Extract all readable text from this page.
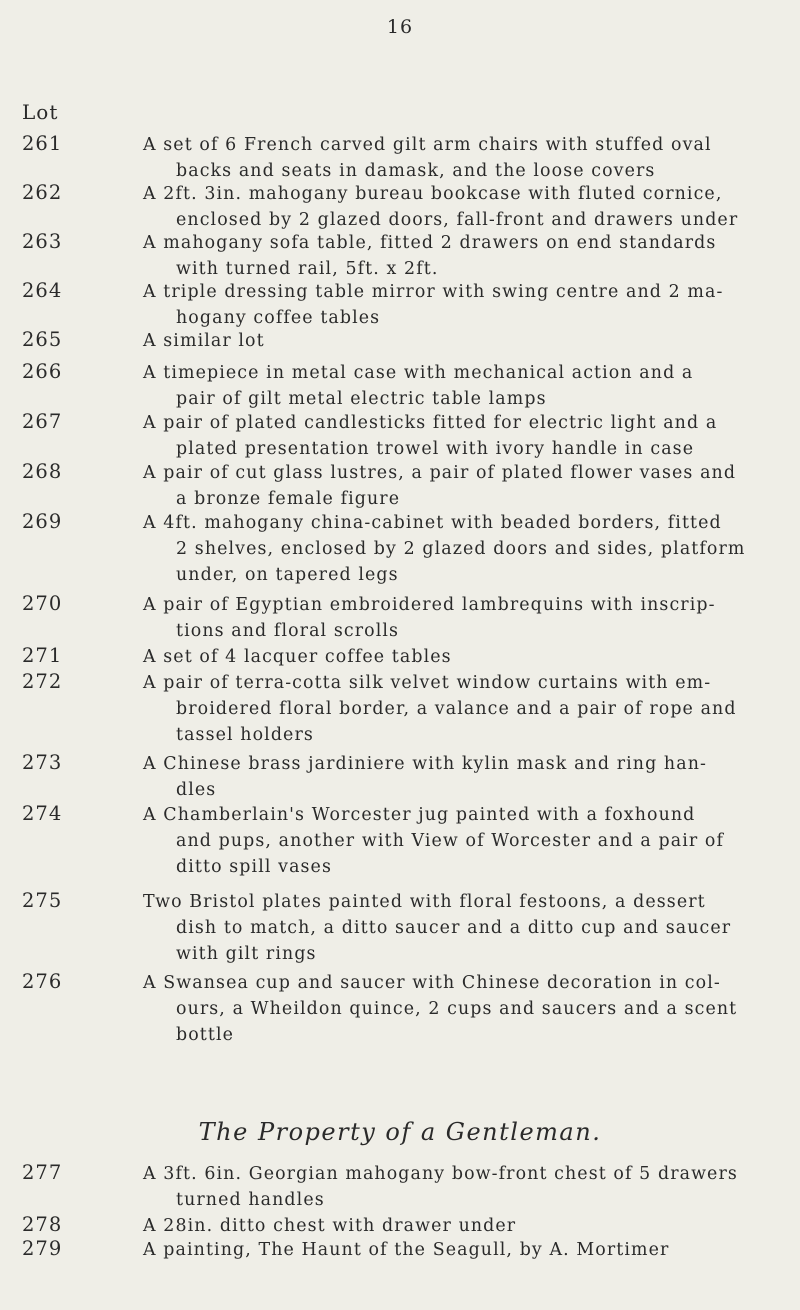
16
Lot
261	A set of 6 French carved gilt arm chairs with stuffed oval
backs and seats in damask, and the loose covers
262	A 2ft. 3in. mahogany bureau bookcase with fluted cornice,
enclosed by 2 glazed doors, fall-front and drawers under
263	A mahogany sofa table, fitted 2 drawers on end standards
with turned rail, 5ft. x 2ft.
264	A triple dressing table mirror with swing centre and 2 ma-
hogany coffee tables
265	A similar lot
266	A timepiece in metal case with mechanical action and a
pair of gilt metal electric table lamps
267	A pair of plated candlesticks fitted for electric light and a
plated presentation trowel with ivory handle in case
268	A pair of cut glass lustres, a pair of plated flower vases and
a bronze female figure
269	A 4ft. mahogany china-cabinet with beaded borders, fitted
2 shelves, enclosed by 2 glazed doors and sides, platform
under, on tapered legs
270	A pair of Egyptian embroidered lambrequins with inscrip-
tions and floral scrolls
271	A set of 4 lacquer coffee tables
272	A pair of terra-cotta silk velvet window curtains with em-
broidered floral border, a valance and a pair of rope and
tassel holders
273	A Chinese brass jardiniere with kylin mask and ring han-
dles
274	A Chamberlain's Worcester jug painted with a foxhound
and pups, another with View of Worcester and a pair of
ditto spill vases
275	Two Bristol plates painted with floral festoons, a dessert
dish to match, a ditto saucer and a ditto cup and saucer
with gilt rings
276	A Swansea cup and saucer with Chinese decoration in col-
ours, a Wheildon quince, 2 cups and saucers and a scent
bottle
277	A 3ft. 6in. Georgian mahogany bow-front chest of 5 drawers
turned handles
278	A 28in. ditto chest with drawer under
279	A painting, The Haunt of the Seagull, by A. Mortimer
The Property of a Gentleman.
